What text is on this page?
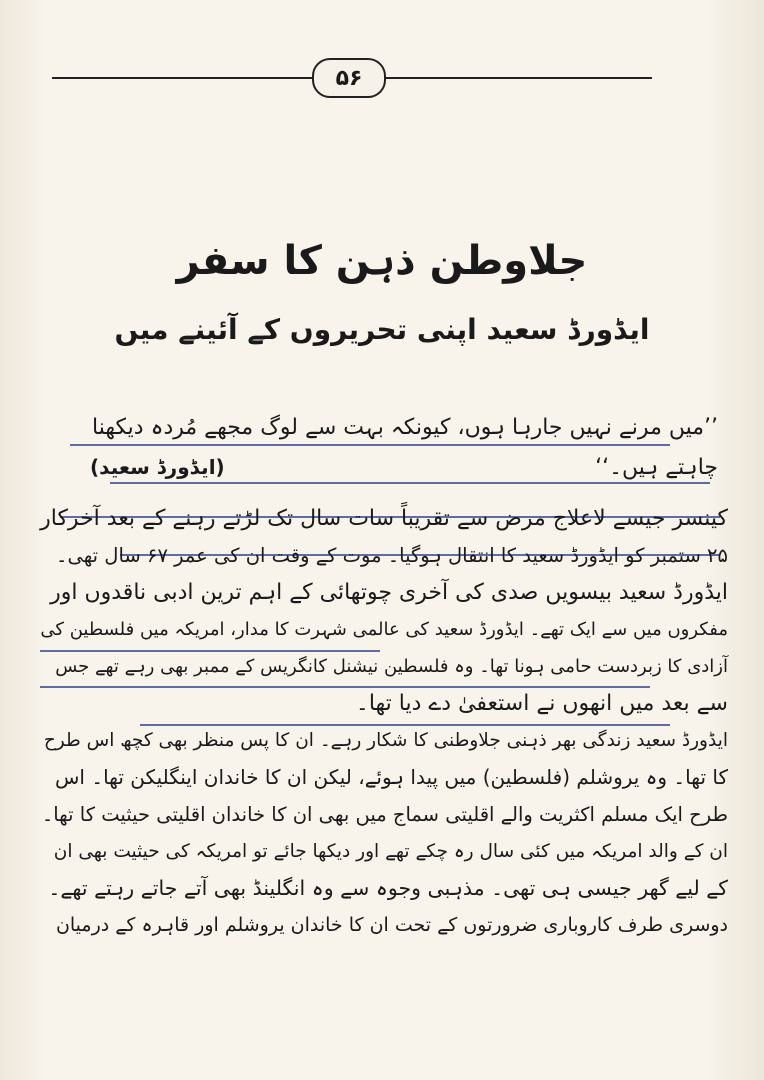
۵۶
جلاوطن ذہن کا سفر
ایڈورڈ سعید اپنی تحریروں کے آئینے میں
’’میں مرنے نہیں جارہا ہوں، کیونکہ بہت سے لوگ مجھے مُردہ دیکھنا چاہتے ہیں۔‘‘
(ایڈورڈ سعید)

کینسر جیسے لاعلاج مرض سے تقریباً سات سال تک لڑتے رہنے کے بعد آخرکار

۲۵ ستمبر کو ایڈورڈ سعید کا انتقال ہوگیا۔ موت کے وقت ان کی عمر ۶۷ سال تھی۔

ایڈورڈ سعید بیسویں صدی کی آخری چوتھائی کے اہم ترین ادبی ناقدوں اور

مفکروں میں سے ایک تھے۔ ایڈورڈ سعید کی عالمی شہرت کا مدار، امریکہ میں فلسطین کی

آزادی کا زبردست حامی ہونا تھا۔ وہ فلسطین نیشنل کانگریس کے ممبر بھی رہے تھے جس

سے بعد میں انھوں نے استعفیٰ دے دیا تھا۔

ایڈورڈ سعید زندگی بھر ذہنی جلاوطنی کا شکار رہے۔ ان کا پس منظر بھی کچھ اس طرح

کا تھا۔ وہ یروشلم (فلسطین) میں پیدا ہوئے، لیکن ان کا خاندان اینگلیکن تھا۔ اس

طرح ایک مسلم اکثریت والے اقلیتی سماج میں بھی ان کا خاندان اقلیتی حیثیت کا تھا۔

ان کے والد امریکہ میں کئی سال رہ چکے تھے اور دیکھا جائے تو امریکہ کی حیثیت بھی ان

کے لیے گھر جیسی ہی تھی۔ مذہبی وجوہ سے وہ انگلینڈ بھی آتے جاتے رہتے تھے۔

دوسری طرف کاروباری ضرورتوں کے تحت ان کا خاندان یروشلم اور قاہرہ کے درمیان
